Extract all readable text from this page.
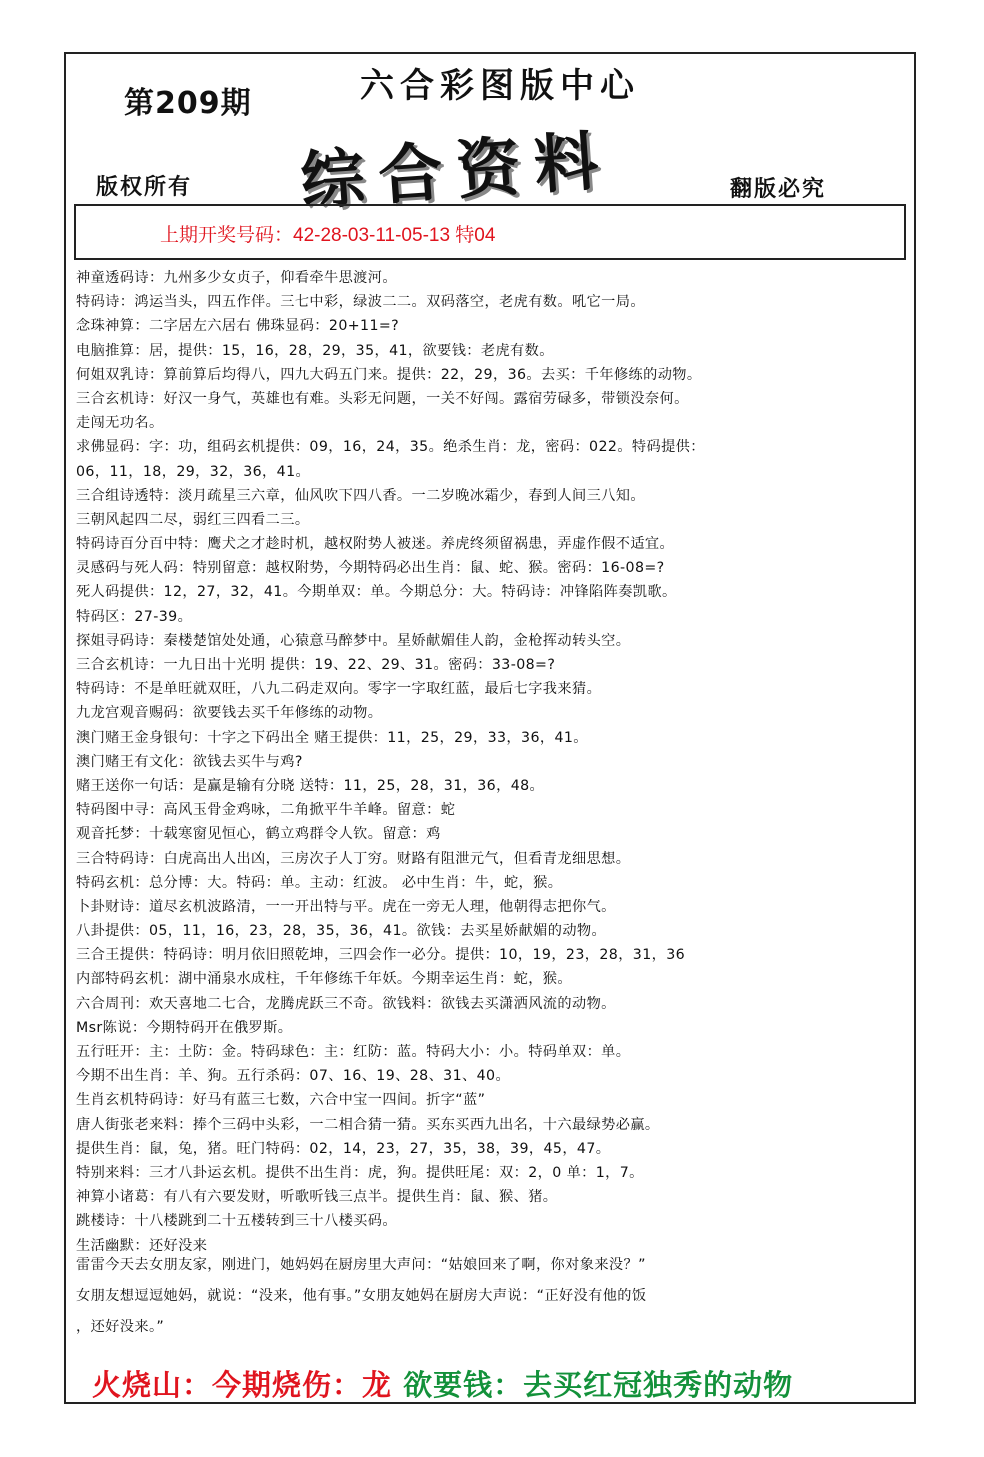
第209期	六合彩图版中心
综合资料
版权所有	翻版必究
上期开奖号码：42-28-03-11-05-13 特04
神童透码诗：九州多少女贞子，仰看牵牛思渡河。
特码诗：鸿运当头，四五作伴。三七中彩，绿波二二。双码落空，老虎有数。吼它一局。
念珠神算：二字居左六居右 佛珠显码：20+11=?
电脑推算：居，提供：15，16，28，29，35，41，欲要钱：老虎有数。
何姐双乳诗：算前算后均得八，四九大码五门来。提供：22，29，36。去买：千年修练的动物。
三合玄机诗：好汉一身气，英雄也有难。头彩无问题，一关不好闯。露宿劳碌多，带锁没奈何。
走闯无功名。
求佛显码：字：功，组码玄机提供：09，16，24，35。绝杀生肖：龙，密码：022。特码提供：
06，11，18，29，32，36，41。
三合组诗透特：淡月疏星三六章，仙风吹下四八香。一二岁晚冰霜少，春到人间三八知。
三朝风起四二尽，弱红三四看二三。
特码诗百分百中特：鹰犬之才趁时机，越权附势人被迷。养虎终须留祸患，弄虚作假不适宜。
灵感码与死人码：特别留意：越权附势，今期特码必出生肖：鼠、蛇、猴。密码：16-08=?
死人码提供：12，27，32，41。今期单双：单。今期总分：大。特码诗：冲锋陷阵奏凯歌。
特码区：27-39。
探姐寻码诗：秦楼楚馆处处通，心猿意马醉梦中。星娇献媚佳人韵，金枪挥动转头空。
三合玄机诗：一九日出十光明 提供：19、22、29、31。密码：33-08=?
特码诗：不是单旺就双旺，八九二码走双向。零字一字取红蓝，最后七字我来猜。
九龙宫观音赐码：欲要钱去买千年修练的动物。
澳门赌王金身银句：十字之下码出全 赌王提供：11，25，29，33，36，41。
澳门赌王有文化：欲钱去买牛与鸡?
赌王送你一句话：是赢是输有分晓 送特：11，25，28，31，36，48。
特码图中寻：高风玉骨金鸡咏，二角掀平牛羊峰。留意：蛇
观音托梦：十载寒窗见恒心，鹤立鸡群令人钦。留意：鸡
三合特码诗：白虎高出人出凶，三房次子人丁穷。财路有阻泄元气，但看青龙细思想。
特码玄机：总分博：大。特码：单。主动：红波。 必中生肖：牛，蛇，猴。
卜卦财诗：道尽玄机波路清，一一开出特与平。虎在一旁无人理，他朝得志把你气。
八卦提供：05，11，16，23，28，35，36，41。欲钱：去买星娇献媚的动物。
三合王提供：特码诗：明月依旧照乾坤，三四会作一必分。提供：10，19，23，28，31，36
内部特码玄机：湖中涌泉水成柱，千年修练千年妖。今期幸运生肖：蛇，猴。
六合周刊：欢天喜地二七合，龙腾虎跃三不奇。欲钱料：欲钱去买潇洒风流的动物。
Msr陈说：今期特码开在俄罗斯。
五行旺开：主：土防：金。特码球色：主：红防：蓝。特码大小：小。特码单双：单。
今期不出生肖：羊、狗。五行杀码：07、16、19、28、31、40。
生肖玄机特码诗：好马有蓝三七数，六合中宝一四间。折字“蓝”
唐人街张老来料：捧个三码中头彩，一二相合猜一猜。买东买西九出名，十六最绿势必赢。
提供生肖：鼠，兔，猪。旺门特码：02，14，23，27，35，38，39，45，47。
特别来料：三才八卦运玄机。提供不出生肖：虎，狗。提供旺尾：双：2，0 单：1，7。
神算小诸葛：有八有六要发财，听歌听钱三点半。提供生肖：鼠、猴、猪。
跳楼诗：十八楼跳到二十五楼转到三十八楼买码。
生活幽默：还好没来
雷雷今天去女朋友家，刚进门，她妈妈在厨房里大声问：“姑娘回来了啊，你对象来没？”
女朋友想逗逗她妈，就说：“没来，他有事。”女朋友她妈在厨房大声说：“正好没有他的饭
，还好没来。”
火烧山：今期烧伤：龙 欲要钱：去买红冠独秀的动物
